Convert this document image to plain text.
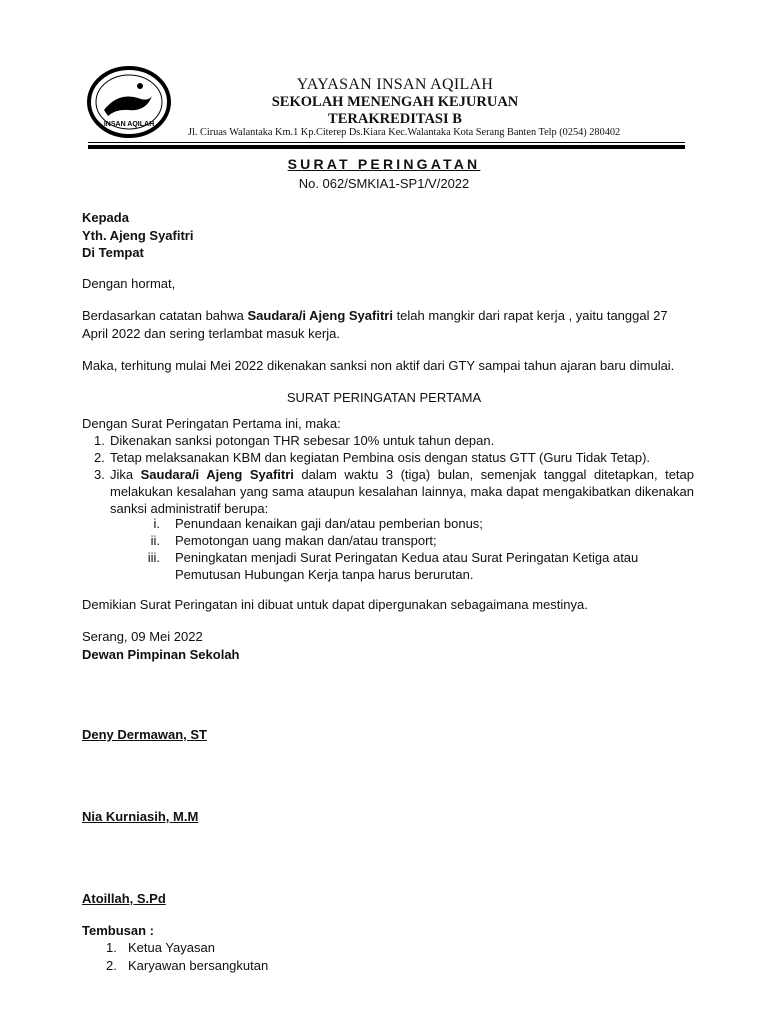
INSAN AQILAH
YAYASAN INSAN AQILAH
SEKOLAH MENENGAH KEJURUAN
TERAKREDITASI B
Jl. Ciruas Walantaka Km.1 Kp.Citerep Ds.Kiara Kec.Walantaka Kota Serang Banten Telp (0254) 280402
SURAT PERINGATAN
No. 062/SMKIA1-SP1/V/2022
Kepada
Yth. Ajeng Syafitri
Di Tempat
Dengan hormat,
Berdasarkan catatan bahwa Saudara/i Ajeng Syafitri telah mangkir dari rapat kerja , yaitu tanggal 27 April 2022 dan sering terlambat masuk kerja.
Maka, terhitung mulai Mei 2022 dikenakan sanksi non aktif dari GTY sampai tahun ajaran baru dimulai.
SURAT PERINGATAN PERTAMA
Dengan Surat Peringatan Pertama ini, maka:
1. Dikenakan sanksi potongan THR sebesar 10% untuk tahun depan.
2. Tetap melaksanakan KBM dan kegiatan Pembina osis dengan status GTT (Guru Tidak Tetap).
3. Jika Saudara/i Ajeng Syafitri dalam waktu 3 (tiga) bulan, semenjak tanggal ditetapkan, tetap melakukan kesalahan yang sama ataupun kesalahan lainnya, maka dapat mengakibatkan dikenakan sanksi administratif berupa:
i. Penundaan kenaikan gaji dan/atau pemberian bonus;
ii. Pemotongan uang makan dan/atau transport;
iii. Peningkatan menjadi Surat Peringatan Kedua atau Surat Peringatan Ketiga atau Pemutusan Hubungan Kerja tanpa harus berurutan.
Demikian Surat Peringatan ini dibuat untuk dapat dipergunakan sebagaimana mestinya.
Serang, 09 Mei 2022
Dewan Pimpinan Sekolah
Deny Dermawan, ST
Nia Kurniasih, M.M
Atoillah, S.Pd
Tembusan :
1. Ketua Yayasan
2. Karyawan bersangkutan
